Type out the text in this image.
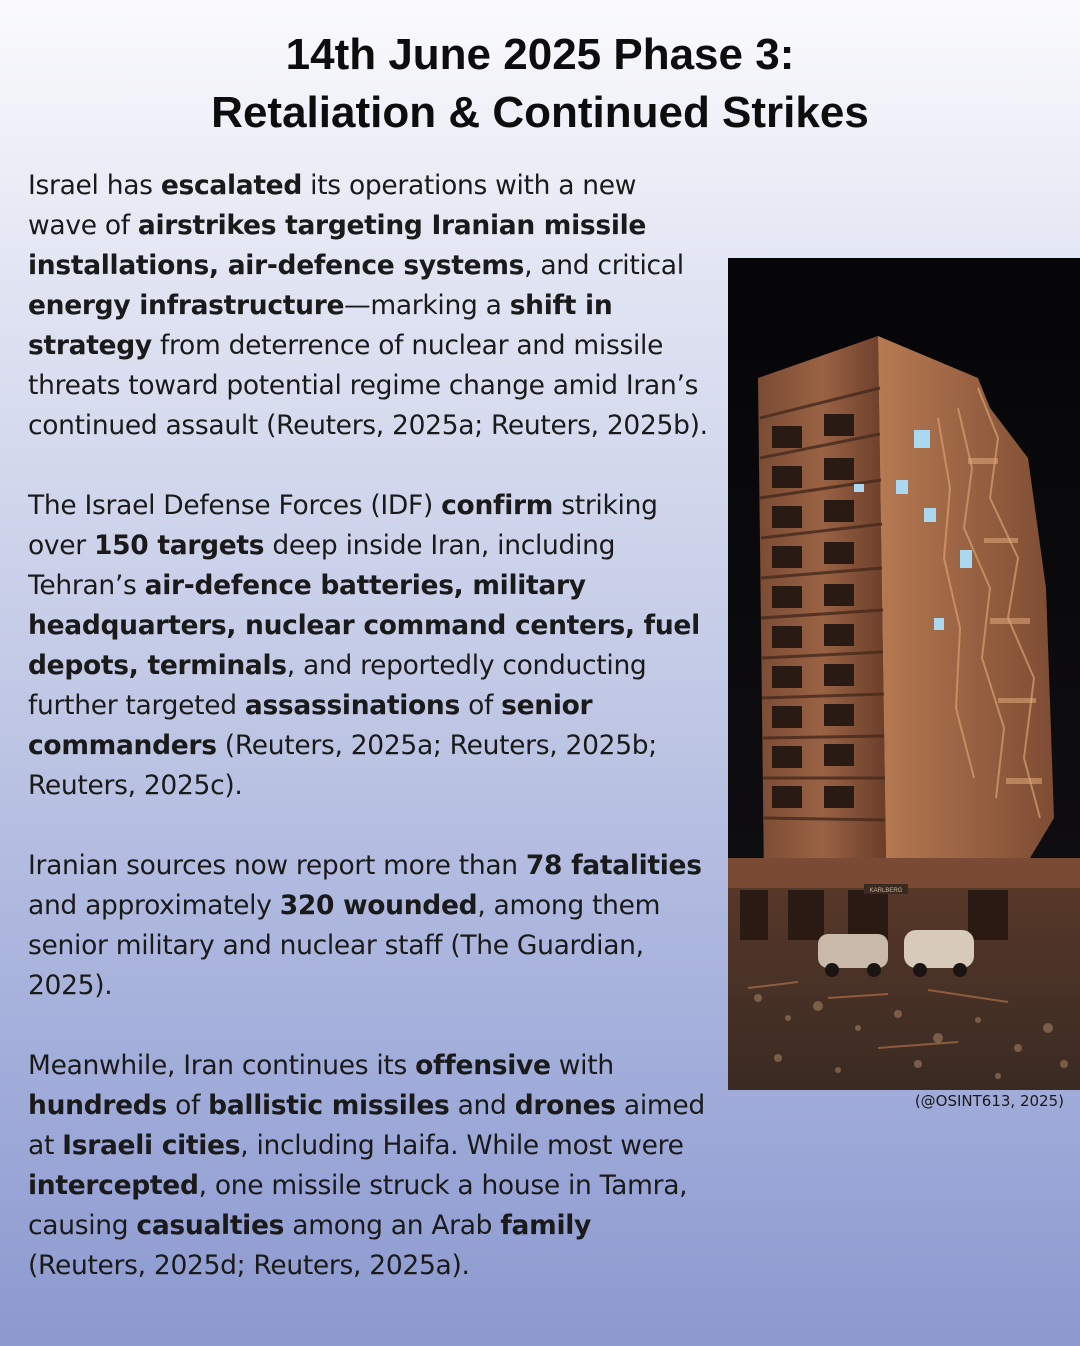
14th June 2025 Phase 3:
Retaliation & Continued Strikes

Israel has escalated its operations with a new wave of airstrikes targeting Iranian missile installations, air-defence systems, and critical energy infrastructure—marking a shift in strategy from deterrence of nuclear and missile threats toward potential regime change amid Iran’s continued assault (Reuters, 2025a; Reuters, 2025b).

The Israel Defense Forces (IDF) confirm striking over 150 targets deep inside Iran, including Tehran’s air-defence batteries, military headquarters, nuclear command centers, fuel depots, terminals, and reportedly conducting further targeted assassinations of senior commanders (Reuters, 2025a; Reuters, 2025b; Reuters, 2025c).

Iranian sources now report more than 78 fatalities and approximately 320 wounded, among them senior military and nuclear staff (The Guardian, 2025).

Meanwhile, Iran continues its offensive with hundreds of ballistic missiles and drones aimed at Israeli cities, including Haifa. While most were intercepted, one missile struck a house in Tamra, causing casualties among an Arab family (Reuters, 2025d; Reuters, 2025a).

KARLBERG
(@OSINT613, 2025)
